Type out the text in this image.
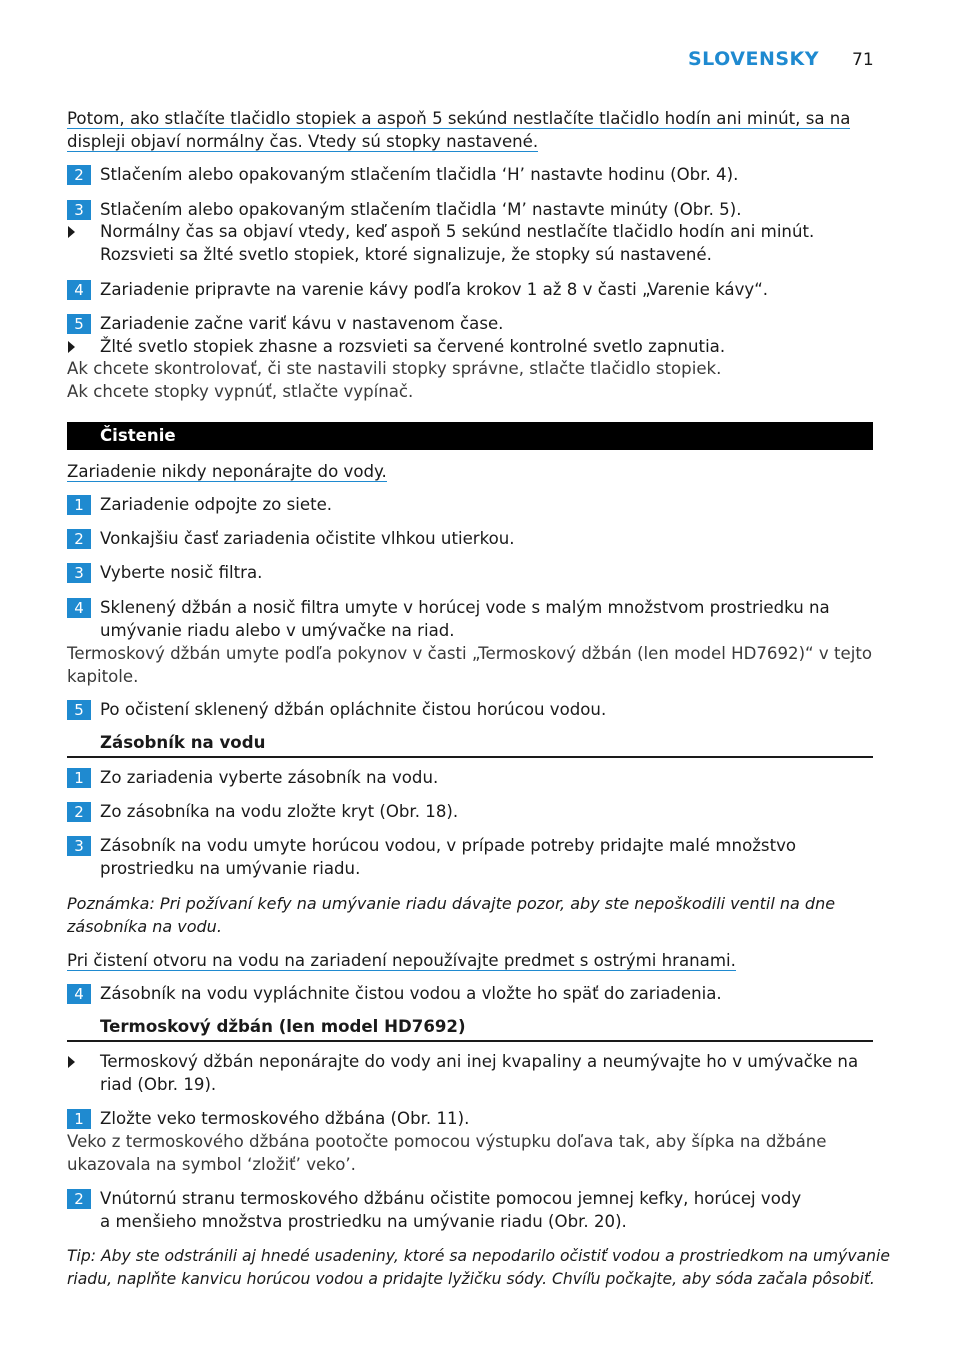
SLOVENSKY 71
Potom, ako stlačíte tlačidlo stopiek a aspoň 5 sekúnd nestlačíte tlačidlo hodín ani minút, sa na
displeji objaví normálny čas. Vtedy sú stopky nastavené.
2 Stlačením alebo opakovaným stlačením tlačidla ‘H’ nastavte hodinu (Obr. 4).
3 Stlačením alebo opakovaným stlačením tlačidla ‘M’ nastavte minúty (Obr. 5).
Normálny čas sa objaví vtedy, keď aspoň 5 sekúnd nestlačíte tlačidlo hodín ani minút.
Rozsvieti sa žlté svetlo stopiek, ktoré signalizuje, že stopky sú nastavené.
4 Zariadenie pripravte na varenie kávy podľa krokov 1 až 8 v časti „Varenie kávy“.
5 Zariadenie začne variť kávu v nastavenom čase.
Žlté svetlo stopiek zhasne a rozsvieti sa červené kontrolné svetlo zapnutia.
Ak chcete skontrolovať, či ste nastavili stopky správne, stlačte tlačidlo stopiek.
Ak chcete stopky vypnúť, stlačte vypínač.
Čistenie
Zariadenie nikdy neponárajte do vody.
1 Zariadenie odpojte zo siete.
2 Vonkajšiu časť zariadenia očistite vlhkou utierkou.
3 Vyberte nosič filtra.
4 Sklenený džbán a nosič filtra umyte v horúcej vode s malým množstvom prostriedku na
umývanie riadu alebo v umývačke na riad.
Termoskový džbán umyte podľa pokynov v časti „Termoskový džbán (len model HD7692)“ v tejto
kapitole.
5 Po očistení sklenený džbán opláchnite čistou horúcou vodou.
Zásobník na vodu
1 Zo zariadenia vyberte zásobník na vodu.
2 Zo zásobníka na vodu zložte kryt (Obr. 18).
3 Zásobník na vodu umyte horúcou vodou, v prípade potreby pridajte malé množstvo
prostriedku na umývanie riadu.
Poznámka: Pri požívaní kefy na umývanie riadu dávajte pozor, aby ste nepoškodili ventil na dne
zásobníka na vodu.
Pri čistení otvoru na vodu na zariadení nepoužívajte predmet s ostrými hranami.
4 Zásobník na vodu vypláchnite čistou vodou a vložte ho späť do zariadenia.
Termoskový džbán (len model HD7692)
Termoskový džbán neponárajte do vody ani inej kvapaliny a neumývajte ho v umývačke na
riad (Obr. 19).
1 Zložte veko termoskového džbána (Obr. 11).
Veko z termoskového džbána pootočte pomocou výstupku doľava tak, aby šípka na džbáne
ukazovala na symbol ‘zložiť’ veko’.
2 Vnútornú stranu termoskového džbánu očistite pomocou jemnej kefky, horúcej vody
a menšieho množstva prostriedku na umývanie riadu (Obr. 20).
Tip: Aby ste odstránili aj hnedé usadeniny, ktoré sa nepodarilo očistiť vodou a prostriedkom na umývanie
riadu, naplňte kanvicu horúcou vodou a pridajte lyžičku sódy. Chvíľu počkajte, aby sóda začala pôsobiť.
